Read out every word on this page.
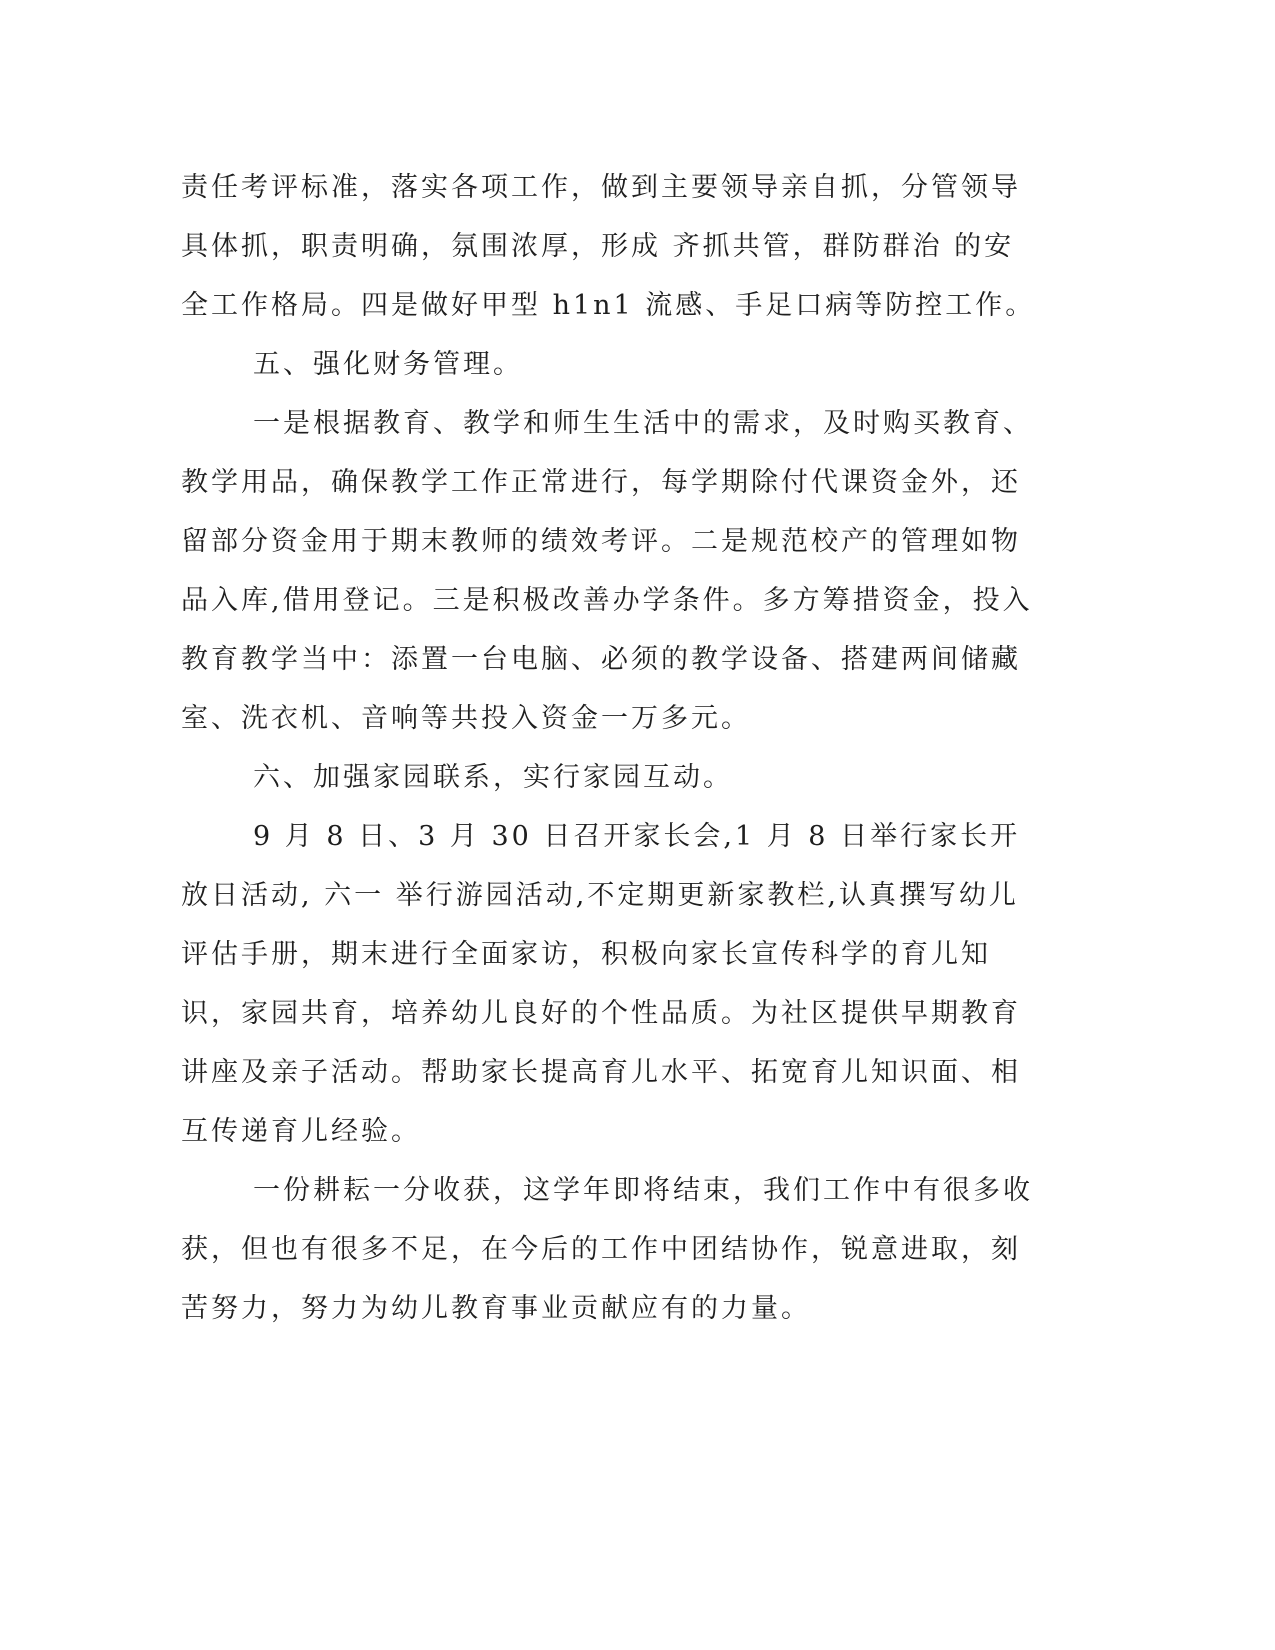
责任考评标准，落实各项工作，做到主要领导亲自抓，分管领导具体抓，职责明确，氛围浓厚，形成 齐抓共管，群防群治 的安全工作格局。四是做好甲型 h1n1 流感、手足口病等防控工作。

五、强化财务管理。

一是根据教育、教学和师生生活中的需求，及时购买教育、教学用品，确保教学工作正常进行，每学期除付代课资金外，还留部分资金用于期末教师的绩效考评。二是规范校产的管理如物品入库,借用登记。三是积极改善办学条件。多方筹措资金，投入教育教学当中：添置一台电脑、必须的教学设备、搭建两间储藏室、洗衣机、音响等共投入资金一万多元。

六、加强家园联系，实行家园互动。

9 月 8 日、3 月 30 日召开家长会,1 月 8 日举行家长开放日活动, 六一 举行游园活动,不定期更新家教栏,认真撰写幼儿评估手册，期末进行全面家访，积极向家长宣传科学的育儿知识，家园共育，培养幼儿良好的个性品质。为社区提供早期教育讲座及亲子活动。帮助家长提高育儿水平、拓宽育儿知识面、相互传递育儿经验。

一份耕耘一分收获，这学年即将结束，我们工作中有很多收获，但也有很多不足，在今后的工作中团结协作，锐意进取，刻苦努力，努力为幼儿教育事业贡献应有的力量。
